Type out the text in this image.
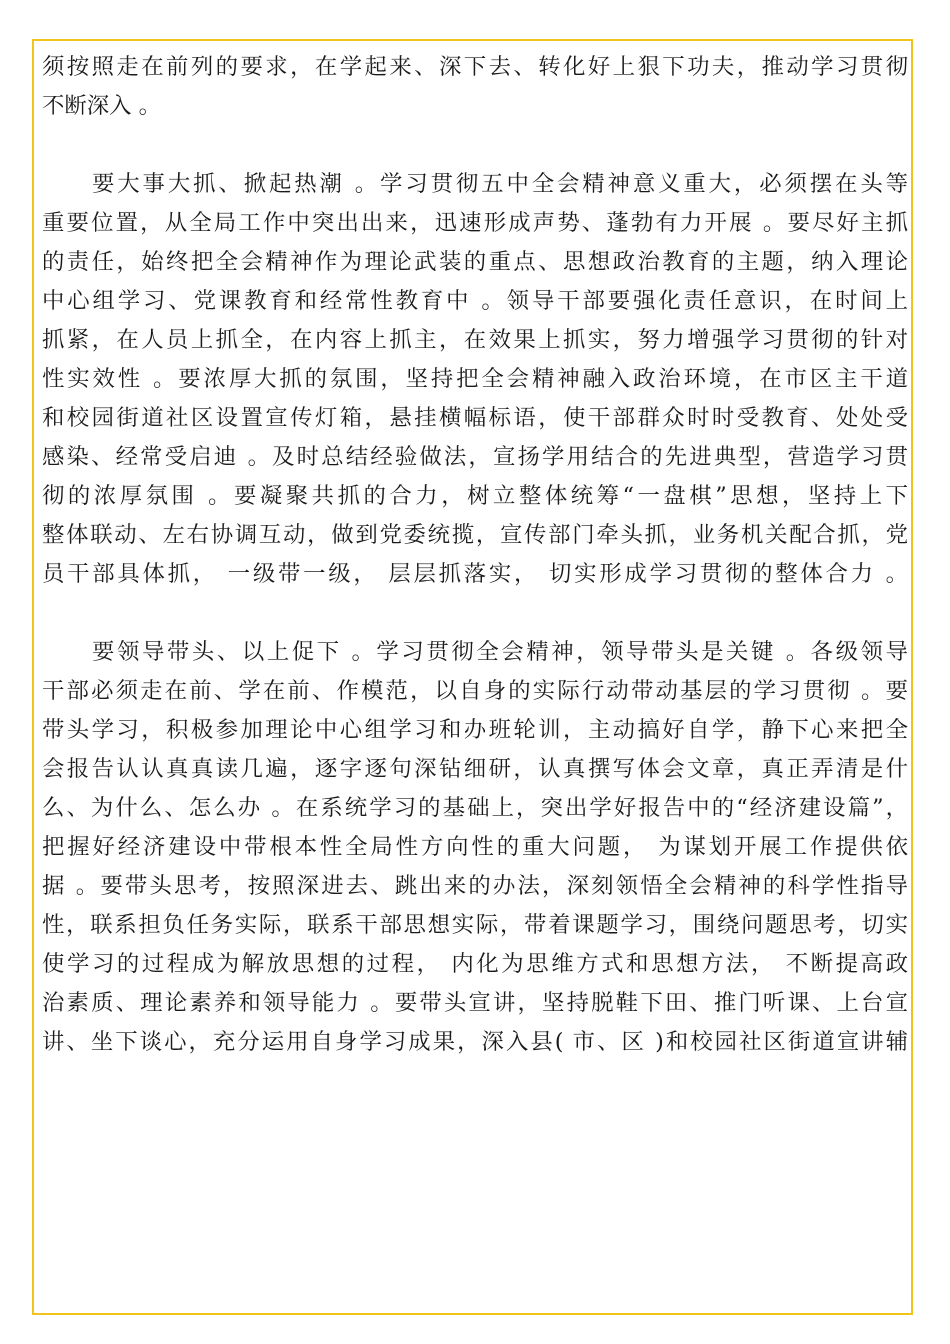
须按照走在前列的要求，在学起来、深下去、转化好上狠下功夫，推动学习贯彻
不断深入 。
要大事大抓、掀起热潮 。学习贯彻五中全会精神意义重大，必须摆在头等
重要位置，从全局工作中突出出来，迅速形成声势、蓬勃有力开展 。要尽好主抓
的责任，始终把全会精神作为理论武装的重点、思想政治教育的主题，纳入理论
中心组学习、党课教育和经常性教育中 。领导干部要强化责任意识，在时间上
抓紧，在人员上抓全，在内容上抓主，在效果上抓实，努力增强学习贯彻的针对
性实效性 。要浓厚大抓的氛围，坚持把全会精神融入政治环境，在市区主干道
和校园街道社区设置宣传灯箱，悬挂横幅标语，使干部群众时时受教育、处处受
感染、经常受启迪 。及时总结经验做法，宣扬学用结合的先进典型，营造学习贯
彻的浓厚氛围 。要凝聚共抓的合力，树立整体统筹“一盘棋”思想，坚持上下
整体联动、左右协调互动，做到党委统揽，宣传部门牵头抓，业务机关配合抓，党
员干部具体抓， 一级带一级， 层层抓落实， 切实形成学习贯彻的整体合力 。
要领导带头、以上促下 。学习贯彻全会精神，领导带头是关键 。各级领导
干部必须走在前、学在前、作模范，以自身的实际行动带动基层的学习贯彻 。要
带头学习，积极参加理论中心组学习和办班轮训，主动搞好自学，静下心来把全
会报告认认真真读几遍，逐字逐句深钻细研，认真撰写体会文章，真正弄清是什
么、为什么、怎么办 。在系统学习的基础上，突出学好报告中的“经济建设篇”，
把握好经济建设中带根本性全局性方向性的重大问题， 为谋划开展工作提供依
据 。要带头思考，按照深进去、跳出来的办法，深刻领悟全会精神的科学性指导
性，联系担负任务实际，联系干部思想实际，带着课题学习，围绕问题思考，切实
使学习的过程成为解放思想的过程， 内化为思维方式和思想方法， 不断提高政
治素质、理论素养和领导能力 。要带头宣讲，坚持脱鞋下田、推门听课、上台宣
讲、坐下谈心，充分运用自身学习成果，深入县( 市、区 )和校园社区街道宣讲辅
